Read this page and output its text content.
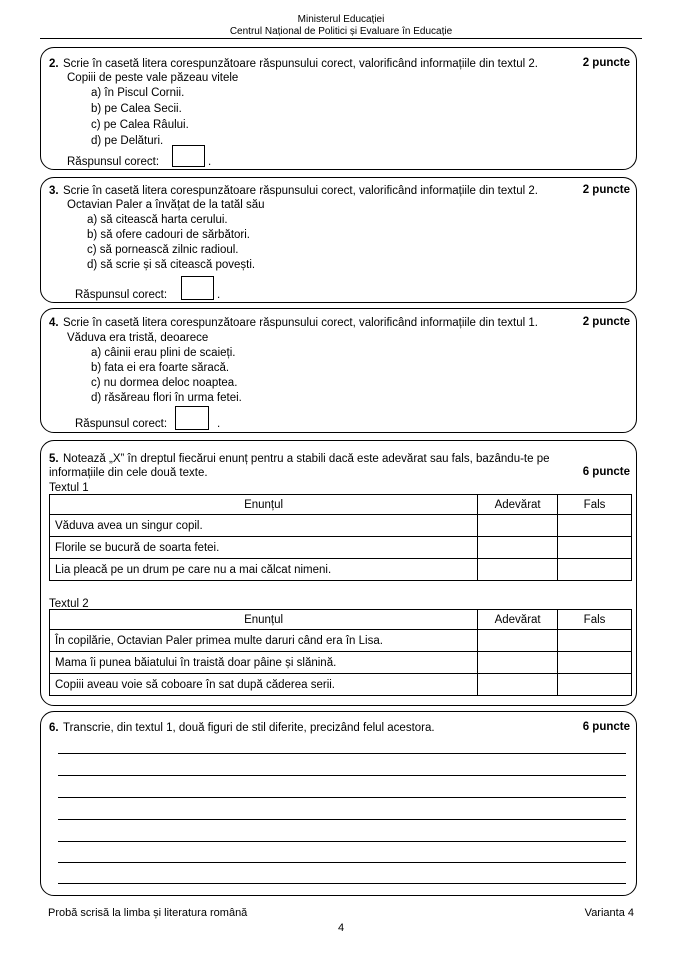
Ministerul Educației
Centrul Național de Politici și Evaluare în Educație
2. Scrie în casetă litera corespunzătoare răspunsului corect, valorificând informațiile din textul 2.	2 puncte
Copiii de peste vale păzeau vitele
a) în Piscul Cornii.
b) pe Calea Secii.
c) pe Calea Râului.
d) pe Delături.
Răspunsul corect:	.
3. Scrie în casetă litera corespunzătoare răspunsului corect, valorificând informațiile din textul 2.	2 puncte
Octavian Paler a învățat de la tatăl său
a) să citească harta cerului.
b) să ofere cadouri de sărbători.
c) să pornească zilnic radioul.
d) să scrie și să citească povești.
Răspunsul corect:	.
4. Scrie în casetă litera corespunzătoare răspunsului corect, valorificând informațiile din textul 1.	2 puncte
Văduva era tristă, deoarece
a) câinii erau plini de scaieți.
b) fata ei era foarte săracă.
c) nu dormea deloc noaptea.
d) răsăreau flori în urma fetei.
Răspunsul corect:	.
5. Notează „X” în dreptul fiecărui enunț pentru a stabili dacă este adevărat sau fals, bazându-te pe
informațiile din cele două texte.	6 puncte
Textul 1
Enunțul	Adevărat	Fals
Văduva avea un singur copil.		
Florile se bucură de soarta fetei.		
Lia pleacă pe un drum pe care nu a mai călcat nimeni.		
Textul 2
Enunțul	Adevărat	Fals
În copilărie, Octavian Paler primea multe daruri când era în Lisa.		
Mama îi punea băiatului în traistă doar pâine și slănină.		
Copiii aveau voie să coboare în sat după căderea serii.		
6. Transcrie, din textul 1, două figuri de stil diferite, precizând felul acestora.	6 puncte
Probă scrisă la limba și literatura română	Varianta 4
4
